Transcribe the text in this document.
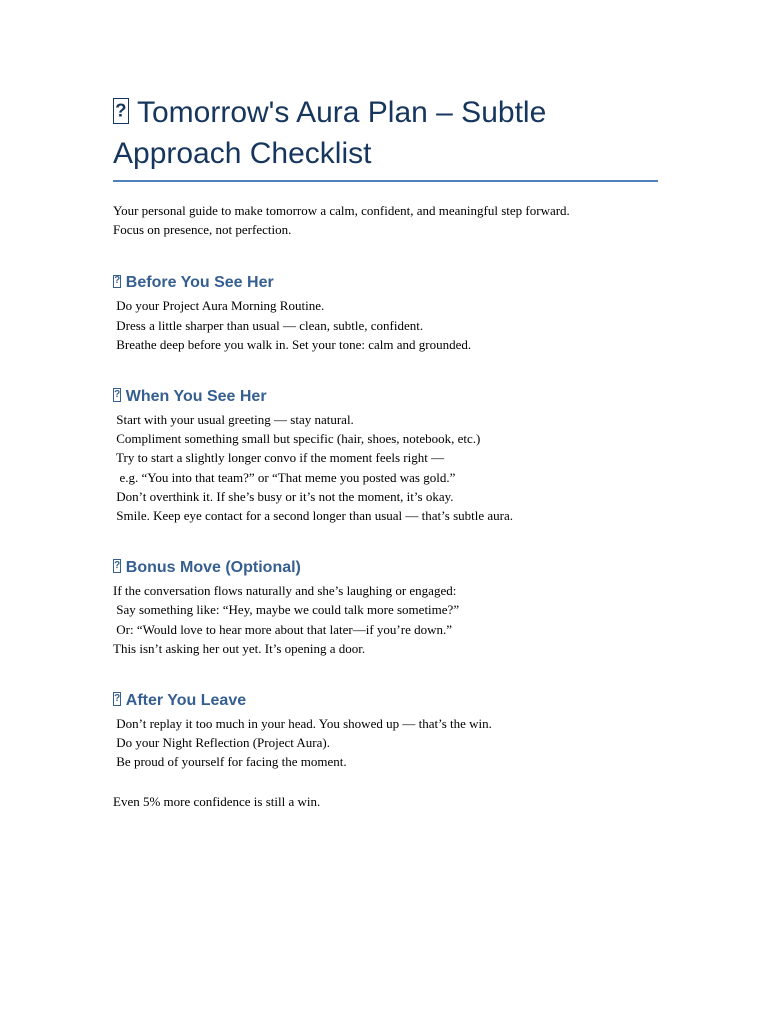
?Tomorrow's Aura Plan – Subtle Approach Checklist

Your personal guide to make tomorrow a calm, confident, and meaningful step forward.
Focus on presence, not perfection.

?Before You See Her
Do your Project Aura Morning Routine.
Dress a little sharper than usual — clean, subtle, confident.
Breathe deep before you walk in. Set your tone: calm and grounded.
?When You See Her
Start with your usual greeting — stay natural.
Compliment something small but specific (hair, shoes, notebook, etc.)
Try to start a slightly longer convo if the moment feels right —
e.g. “You into that team?” or “That meme you posted was gold.”
Don’t overthink it. If she’s busy or it’s not the moment, it’s okay.
Smile. Keep eye contact for a second longer than usual — that’s subtle aura.
?Bonus Move (Optional)
If the conversation flows naturally and she’s laughing or engaged:
Say something like: “Hey, maybe we could talk more sometime?”
Or: “Would love to hear more about that later—if you’re down.”
This isn’t asking her out yet. It’s opening a door.
?After You Leave
Don’t replay it too much in your head. You showed up — that’s the win.
Do your Night Reflection (Project Aura).
Be proud of yourself for facing the moment.
Even 5% more confidence is still a win.
